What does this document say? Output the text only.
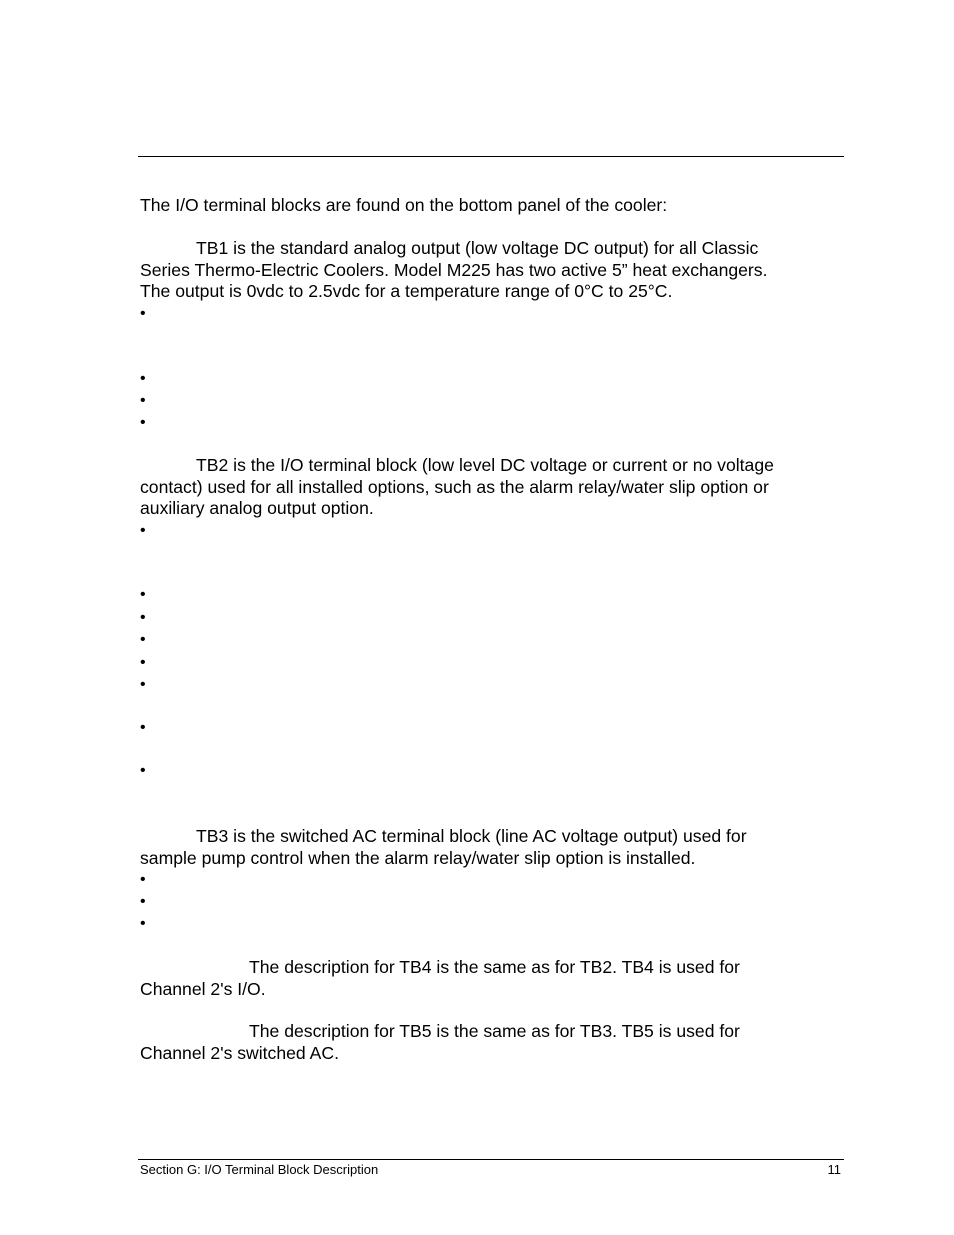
The I/O terminal blocks are found on the bottom panel of the cooler:

TB1 is the standard analog output (low voltage DC output) for all Classic
Series Thermo-Electric Coolers. Model M225 has two active 5” heat exchangers.
The output is 0vdc to 2.5vdc for a temperature range of 0°C to 25°C.

•
•
•
•

TB2 is the I/O terminal block (low level DC voltage or current or no voltage
contact) used for all installed options, such as the alarm relay/water slip option or
auxiliary analog output option.

•
•
•
•
•
•
•
•

TB3 is the switched AC terminal block (line AC voltage output) used for
sample pump control when the alarm relay/water slip option is installed.

•
•
•

The description for TB4 is the same as for TB2. TB4 is used for
Channel 2's I/O.

The description for TB5 is the same as for TB3. TB5 is used for
Channel 2's switched AC.

Section G: I/O Terminal Block Description	11
